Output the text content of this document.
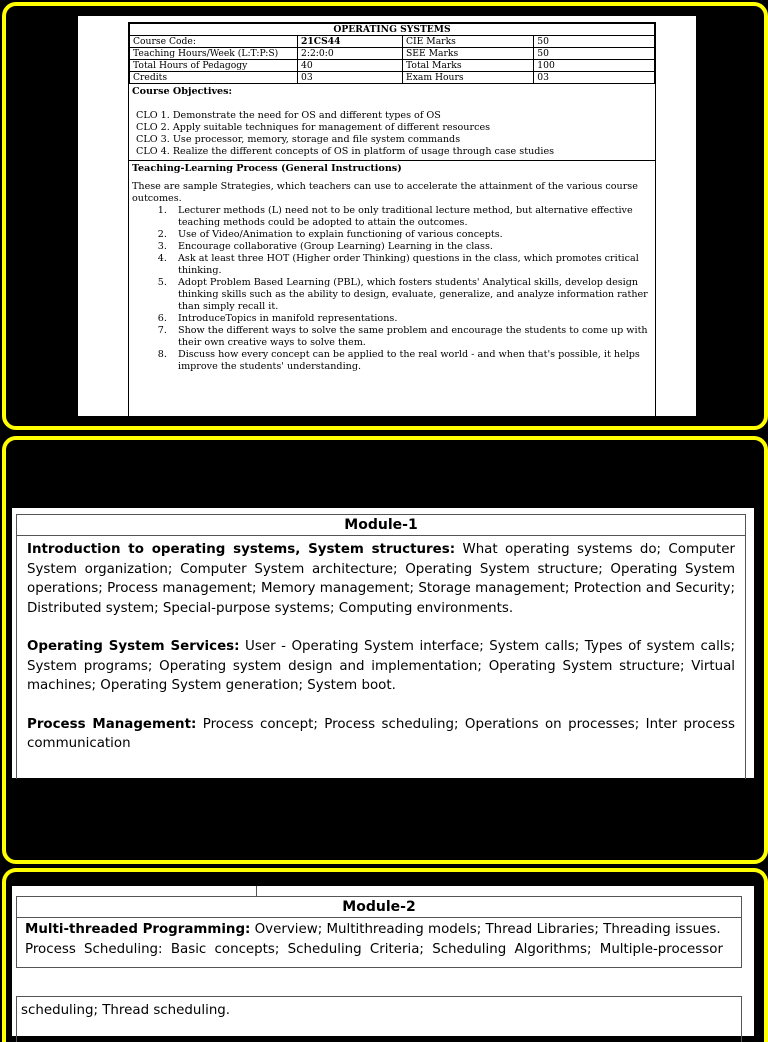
OPERATING SYSTEMS			
Course Code:	21CS44	CIE Marks	50
Teaching Hours/Week (L:T:P:S)	2:2:0:0	SEE Marks	50
Total Hours of Pedagogy	40	Total Marks	100
Credits	03	Exam Hours	03
Course Objectives:
CLO 1. Demonstrate the need for OS and different types of OS
CLO 2. Apply suitable techniques for management of different resources
CLO 3. Use processor, memory, storage and file system commands
CLO 4. Realize the different concepts of OS in platform of usage through case studies
Teaching-Learning Process (General Instructions)
These are sample Strategies, which teachers can use to accelerate the attainment of the various course outcomes.
1. Lecturer methods (L) need not to be only traditional lecture method, but alternative effective teaching methods could be adopted to attain the outcomes.
2. Use of Video/Animation to explain functioning of various concepts.
3. Encourage collaborative (Group Learning) Learning in the class.
4. Ask at least three HOT (Higher order Thinking) questions in the class, which promotes critical thinking.
5. Adopt Problem Based Learning (PBL), which fosters students' Analytical skills, develop design thinking skills such as the ability to design, evaluate, generalize, and analyze information rather than simply recall it.
6. IntroduceTopics in manifold representations.
7. Show the different ways to solve the same problem and encourage the students to come up with their own creative ways to solve them.
8. Discuss how every concept can be applied to the real world - and when that's possible, it helps improve the students' understanding.
Module-1

Introduction to operating systems, System structures: What operating systems do; Computer System organization; Computer System architecture; Operating System structure; Operating System operations; Process management; Memory management; Storage management; Protection and Security; Distributed system; Special-purpose systems; Computing environments.

Operating System Services: User - Operating System interface; System calls; Types of system calls; System programs; Operating system design and implementation; Operating System structure; Virtual machines; Operating System generation; System boot.

Process Management: Process concept; Process scheduling; Operations on processes; Inter process communication

Module-2
Multi-threaded Programming: Overview; Multithreading models; Thread Libraries; Threading issues.
Process Scheduling: Basic concepts; Scheduling Criteria; Scheduling Algorithms; Multiple-processor
scheduling; Thread scheduling.
